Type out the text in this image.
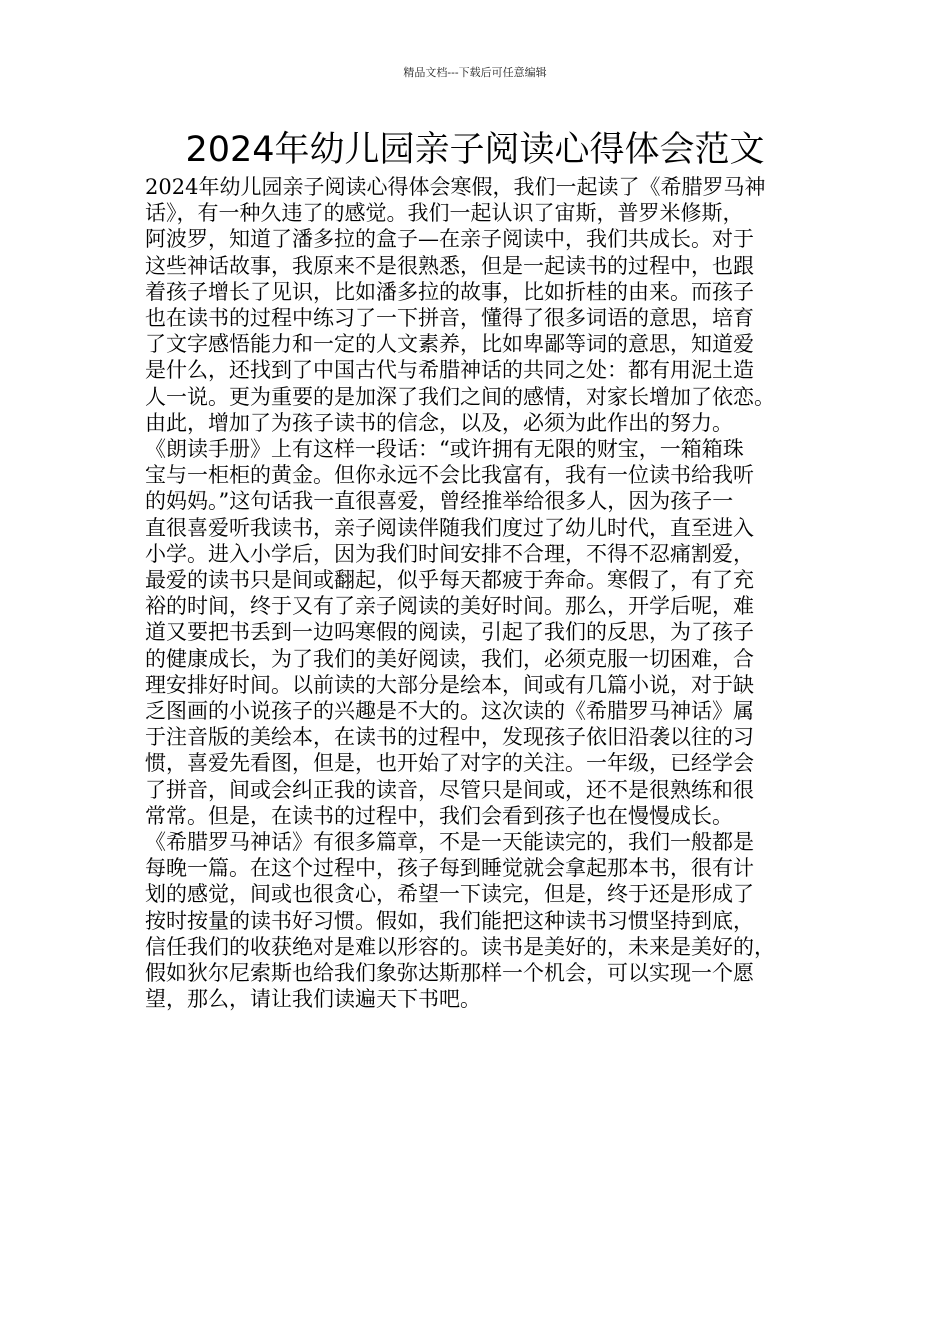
精品文档---下载后可任意编辑
2024年幼儿园亲子阅读心得体会范文
2024年幼儿园亲子阅读心得体会寒假，我们一起读了《希腊罗马神
话》，有一种久违了的感觉。我们一起认识了宙斯，普罗米修斯，
阿波罗，知道了潘多拉的盒子—在亲子阅读中，我们共成长。对于
这些神话故事，我原来不是很熟悉，但是一起读书的过程中，也跟
着孩子增长了见识，比如潘多拉的故事，比如折桂的由来。而孩子
也在读书的过程中练习了一下拼音，懂得了很多词语的意思，培育
了文字感悟能力和一定的人文素养，比如卑鄙等词的意思，知道爱
是什么，还找到了中国古代与希腊神话的共同之处：都有用泥土造
人一说。更为重要的是加深了我们之间的感情，对家长增加了依恋。
由此，增加了为孩子读书的信念，以及，必须为此作出的努力。
《朗读手册》上有这样一段话：“或许拥有无限的财宝，一箱箱珠
宝与一柜柜的黄金。但你永远不会比我富有，我有一位读书给我听
的妈妈。”这句话我一直很喜爱，曾经推举给很多人，因为孩子一
直很喜爱听我读书，亲子阅读伴随我们度过了幼儿时代，直至进入
小学。进入小学后，因为我们时间安排不合理，不得不忍痛割爱，
最爱的读书只是间或翻起，似乎每天都疲于奔命。寒假了，有了充
裕的时间，终于又有了亲子阅读的美好时间。那么，开学后呢，难
道又要把书丢到一边吗寒假的阅读，引起了我们的反思，为了孩子
的健康成长，为了我们的美好阅读，我们，必须克服一切困难，合
理安排好时间。以前读的大部分是绘本，间或有几篇小说，对于缺
乏图画的小说孩子的兴趣是不大的。这次读的《希腊罗马神话》属
于注音版的美绘本，在读书的过程中，发现孩子依旧沿袭以往的习
惯，喜爱先看图，但是，也开始了对字的关注。一年级，已经学会
了拼音，间或会纠正我的读音，尽管只是间或，还不是很熟练和很
常常。但是，在读书的过程中，我们会看到孩子也在慢慢成长。
《希腊罗马神话》有很多篇章，不是一天能读完的，我们一般都是
每晚一篇。在这个过程中，孩子每到睡觉就会拿起那本书，很有计
划的感觉，间或也很贪心，希望一下读完，但是，终于还是形成了
按时按量的读书好习惯。假如，我们能把这种读书习惯坚持到底，
信任我们的收获绝对是难以形容的。读书是美好的，未来是美好的，
假如狄尔尼索斯也给我们象弥达斯那样一个机会，可以实现一个愿
望，那么，请让我们读遍天下书吧。
